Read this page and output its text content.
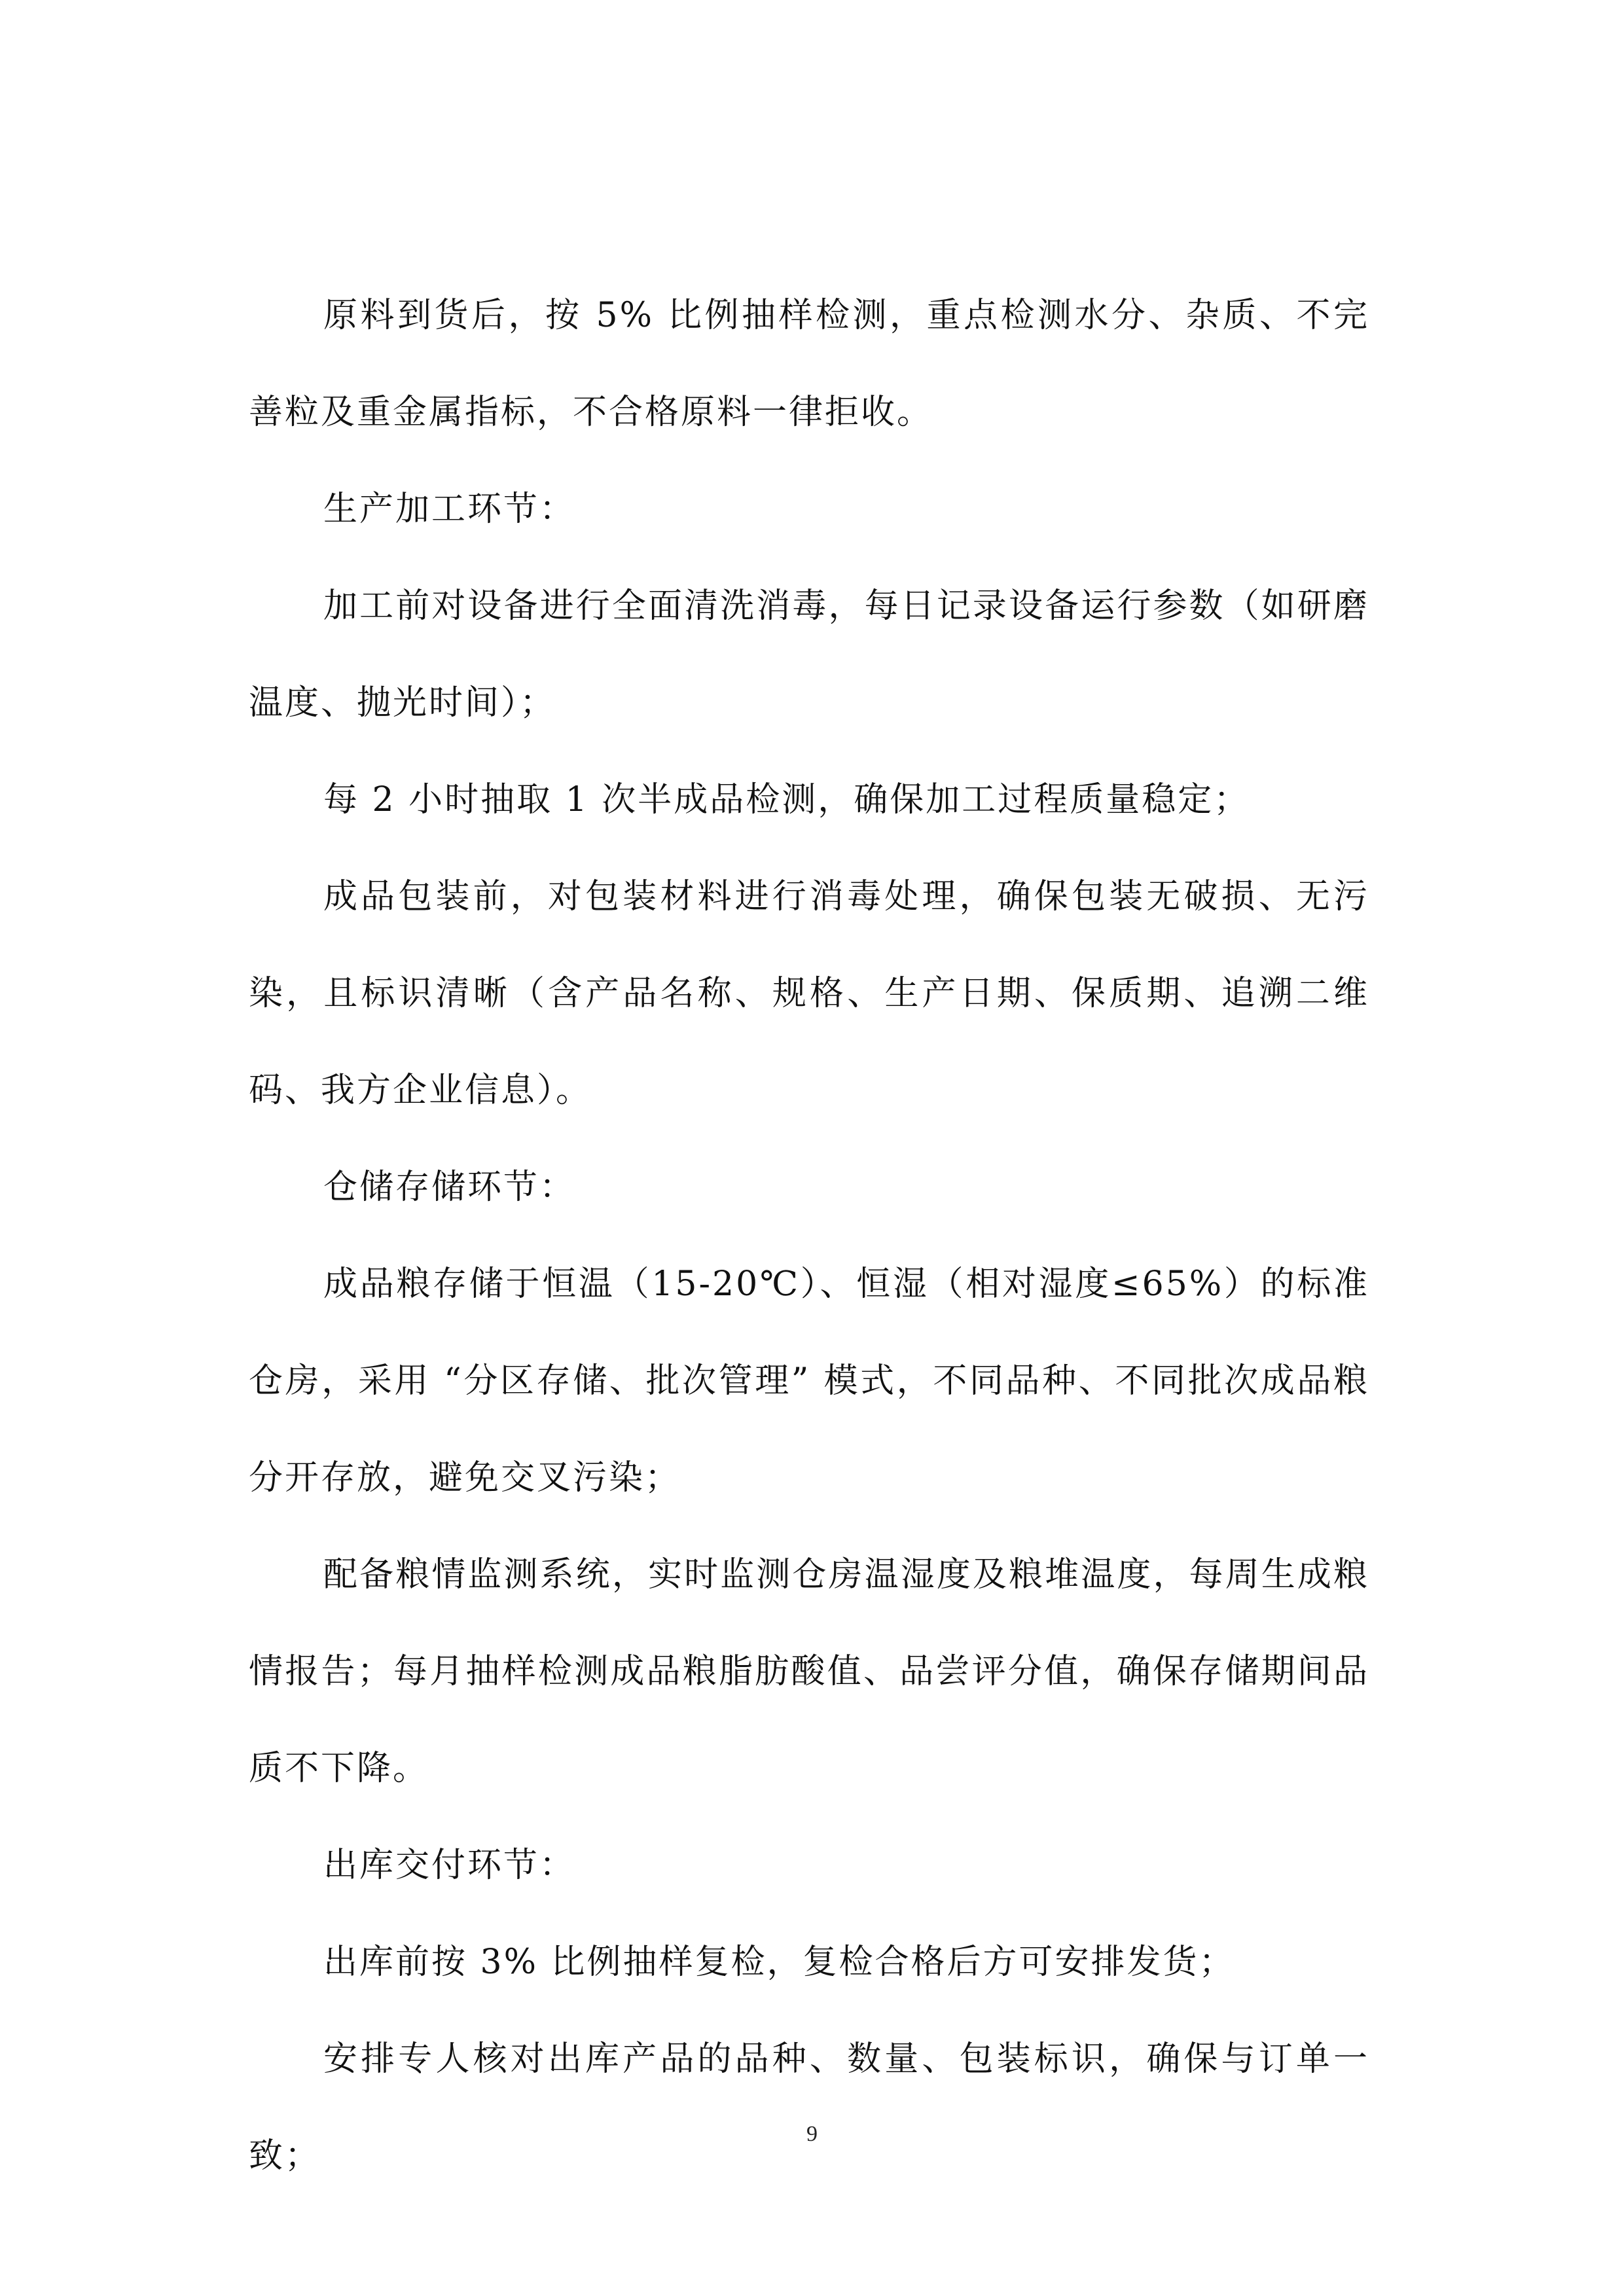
原料到货后，按 5% 比例抽样检测，重点检测水分、杂质、不完善粒及重金属指标，不合格原料一律拒收。

生产加工环节：

加工前对设备进行全面清洗消毒，每日记录设备运行参数（如研磨温度、抛光时间）；

每 2 小时抽取 1 次半成品检测，确保加工过程质量稳定；

成品包装前，对包装材料进行消毒处理，确保包装无破损、无污染，且标识清晰（含产品名称、规格、生产日期、保质期、追溯二维码、我方企业信息）。

仓储存储环节：

成品粮存储于恒温（15-20℃）、恒湿（相对湿度≤65%）的标准仓房，采用 “分区存储、批次管理” 模式，不同品种、不同批次成品粮分开存放，避免交叉污染；

配备粮情监测系统，实时监测仓房温湿度及粮堆温度，每周生成粮情报告；每月抽样检测成品粮脂肪酸值、品尝评分值，确保存储期间品质不下降。

出库交付环节：

出库前按 3% 比例抽样复检，复检合格后方可安排发货；

安排专人核对出库产品的品种、数量、包装标识，确保与订单一致；

9
